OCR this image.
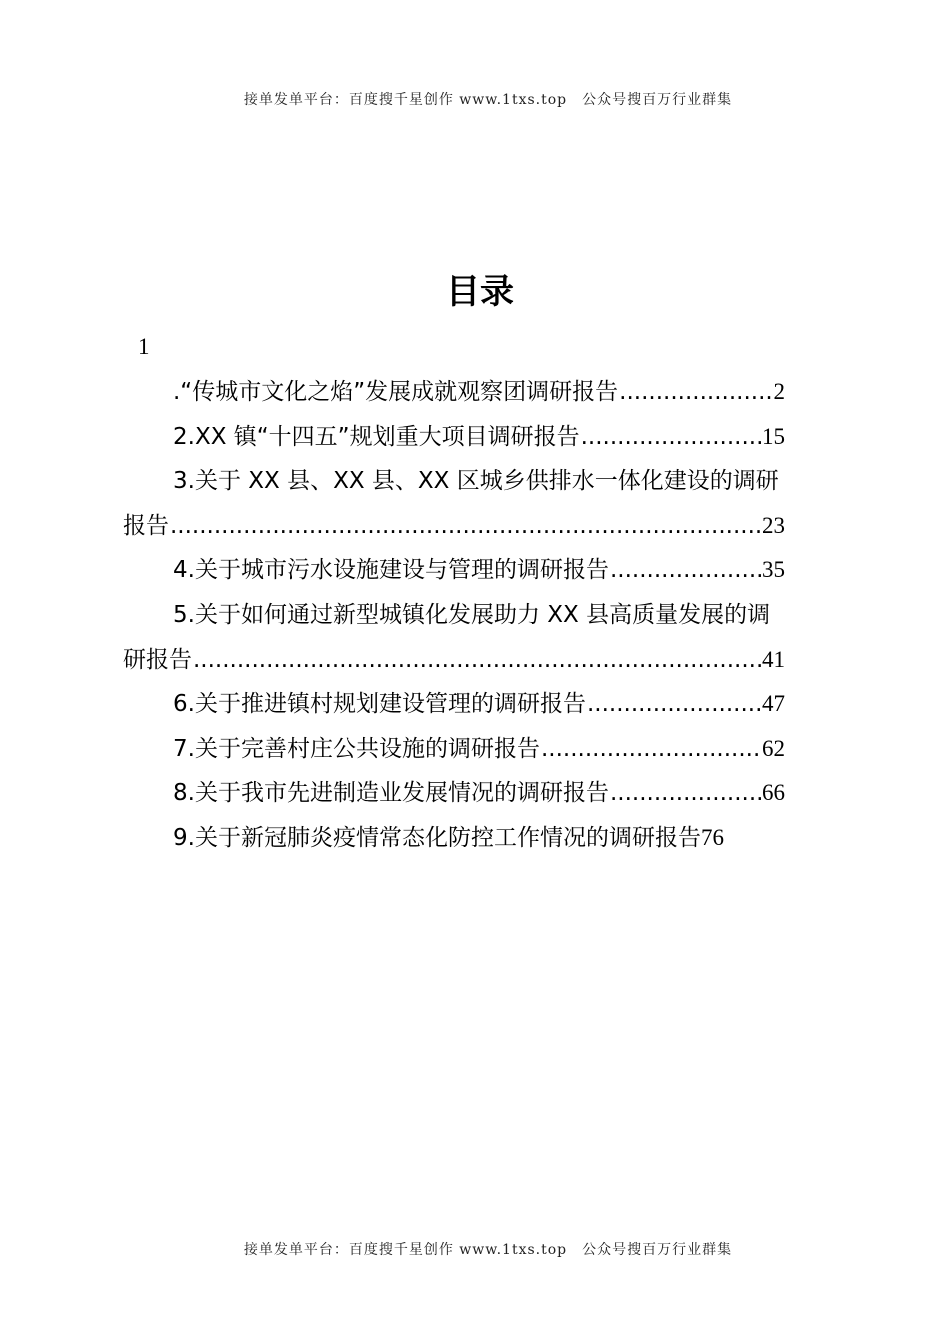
接单发单平台：百度搜千星创作 www.1txs.top　公众号搜百万行业群集
目录
1
.“传城市文化之焰”发展成就观察团调研报告 .....	2
2.XX 镇“十四五”规划重大项目调研报告 .....	15
3.关于 XX 县、XX 县、XX 区城乡供排水一体化建设的调研
报告 .....	23
4.关于城市污水设施建设与管理的调研报告 .....	35
5.关于如何通过新型城镇化发展助力 XX 县高质量发展的调
研报告 .....	41
6.关于推进镇村规划建设管理的调研报告 .....	47
7.关于完善村庄公共设施的调研报告 .....	62
8.关于我市先进制造业发展情况的调研报告 .....	66
9.关于新冠肺炎疫情常态化防控工作情况的调研报告 76
接单发单平台：百度搜千星创作 www.1txs.top　公众号搜百万行业群集
